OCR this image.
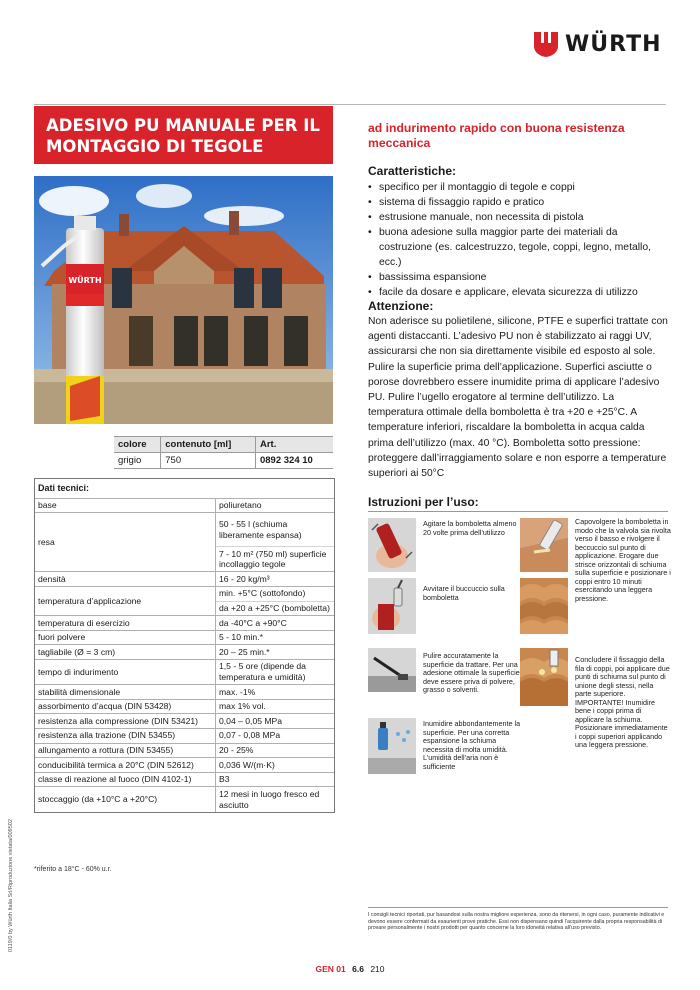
WÜRTH
ADESIVO PU MANUALE PER IL MONTAGGIO DI TEGOLE
ad indurimento rapido con buona resistenza meccanica
WÜRTH
colore	contenuto [ml]	Art.
grigio	750	0892 324 10
Dati tecnici:	
base	poliuretano
resa	50 - 55 l (schiuma liberamente espansa)
	7 - 10 m² (750 ml) superficie incollaggio tegole
densità	16 - 20 kg/m³
temperatura d’applicazione	min. +5°C (sottofondo)
	da +20 a +25°C (bomboletta)
temperatura di esercizio	da -40°C a +90°C
fuori polvere	5 - 10 min.*
tagliabile (Ø = 3 cm)	20 – 25 min.*
tempo di indurimento	1,5 - 5 ore (dipende da temperatura e umidità)
stabilità dimensionale	max. -1%
assorbimento d’acqua (DIN 53428)	max 1% vol.
resistenza alla compressione (DIN 53421)	0,04 – 0,05 MPa
resistenza alla trazione (DIN 53455)	0,07 - 0,08 MPa
allungamento a rottura (DIN 53455)	20 - 25%
conducibilità termica a 20°C (DIN 52612)	0,036 W/(m·K)
classe di reazione al fuoco (DIN 4102-1)	B3
stoccaggio (da +10°C a +20°C)	12 mesi in luogo fresco ed asciutto
*riferito a 18°C - 60% u.r.
Caratteristiche:
• specifico per il montaggio di tegole e coppi
• sistema di fissaggio rapido e pratico
• estrusione manuale, non necessita di pistola
• buona adesione sulla maggior parte dei materiali da costruzione (es. calcestruzzo, tegole, coppi, legno, metallo, ecc.)
• bassissima espansione
• facile da dosare e applicare, elevata sicurezza di utilizzo
Attenzione:
Non aderisce su polietilene, silicone, PTFE e superfici trattate con agenti distaccanti. L’adesivo PU non è stabilizzato ai raggi UV, assicurarsi che non sia direttamente visibile ed esposto al sole. Pulire la superficie prima dell’applicazione. Superfici asciutte o porose dovrebbero essere inumidite prima di applicare l’adesivo PU. Pulire l’ugello erogatore al termine dell’utilizzo. La temperatura ottimale della bomboletta è tra +20 e +25°C. A temperature inferiori, riscaldare la bomboletta in acqua calda prima dell’utilizzo (max. 40 °C). Bomboletta sotto pressione: proteggere dall’irraggiamento solare e non esporre a temperature superiori ai 50°C
Istruzioni per l’uso:
Agitare la bomboletta almeno 20 volte prima dell’utilizzo
Avvitare il buccuccio sulla bomboletta
Pulire accuratamente la superficie da trattare. Per una adesione ottimale la superficie deve essere priva di polvere, grasso o solventi.
Inumidire abbondantemente la superficie. Per una corretta espansione la schiuma necessita di molta umidità. L’umidità dell’aria non è sufficiente
Capovolgere la bomboletta in modo che la valvola sia rivolta verso il basso e rivolgere il beccuccio sul punto di applicazione. Erogare due strisce orizzontali di schiuma sulla superficie e posizionare i coppi entro 10 minuti esercitando una leggera pressione.
Concludere il fissaggio della fila di coppi, poi applicare due punti di schiuma sul punto di unione degli stessi, nella parte superiore. IMPORTANTE! Inumidire bene i coppi prima di applicare la schiuma. Posizionare immediatamente i coppi superiori applicando una leggera pressione.
I consigli tecnici riportati, pur basandosi sulla nostra migliore esperienza, sono da ritenersi, in ogni caso, puramente indicativi e devono essere confermati da esaurienti prove pratiche. Essi non dispensano quindi l’acquirente dalla propria responsabilità di provare personalmente i nostri prodotti per quanto concerne la loro idoneità relativa all’uso previsto.
GEN 01 6.6 210
0119/0 by Würth Italia Srl/Riproduzione vietata/009502
